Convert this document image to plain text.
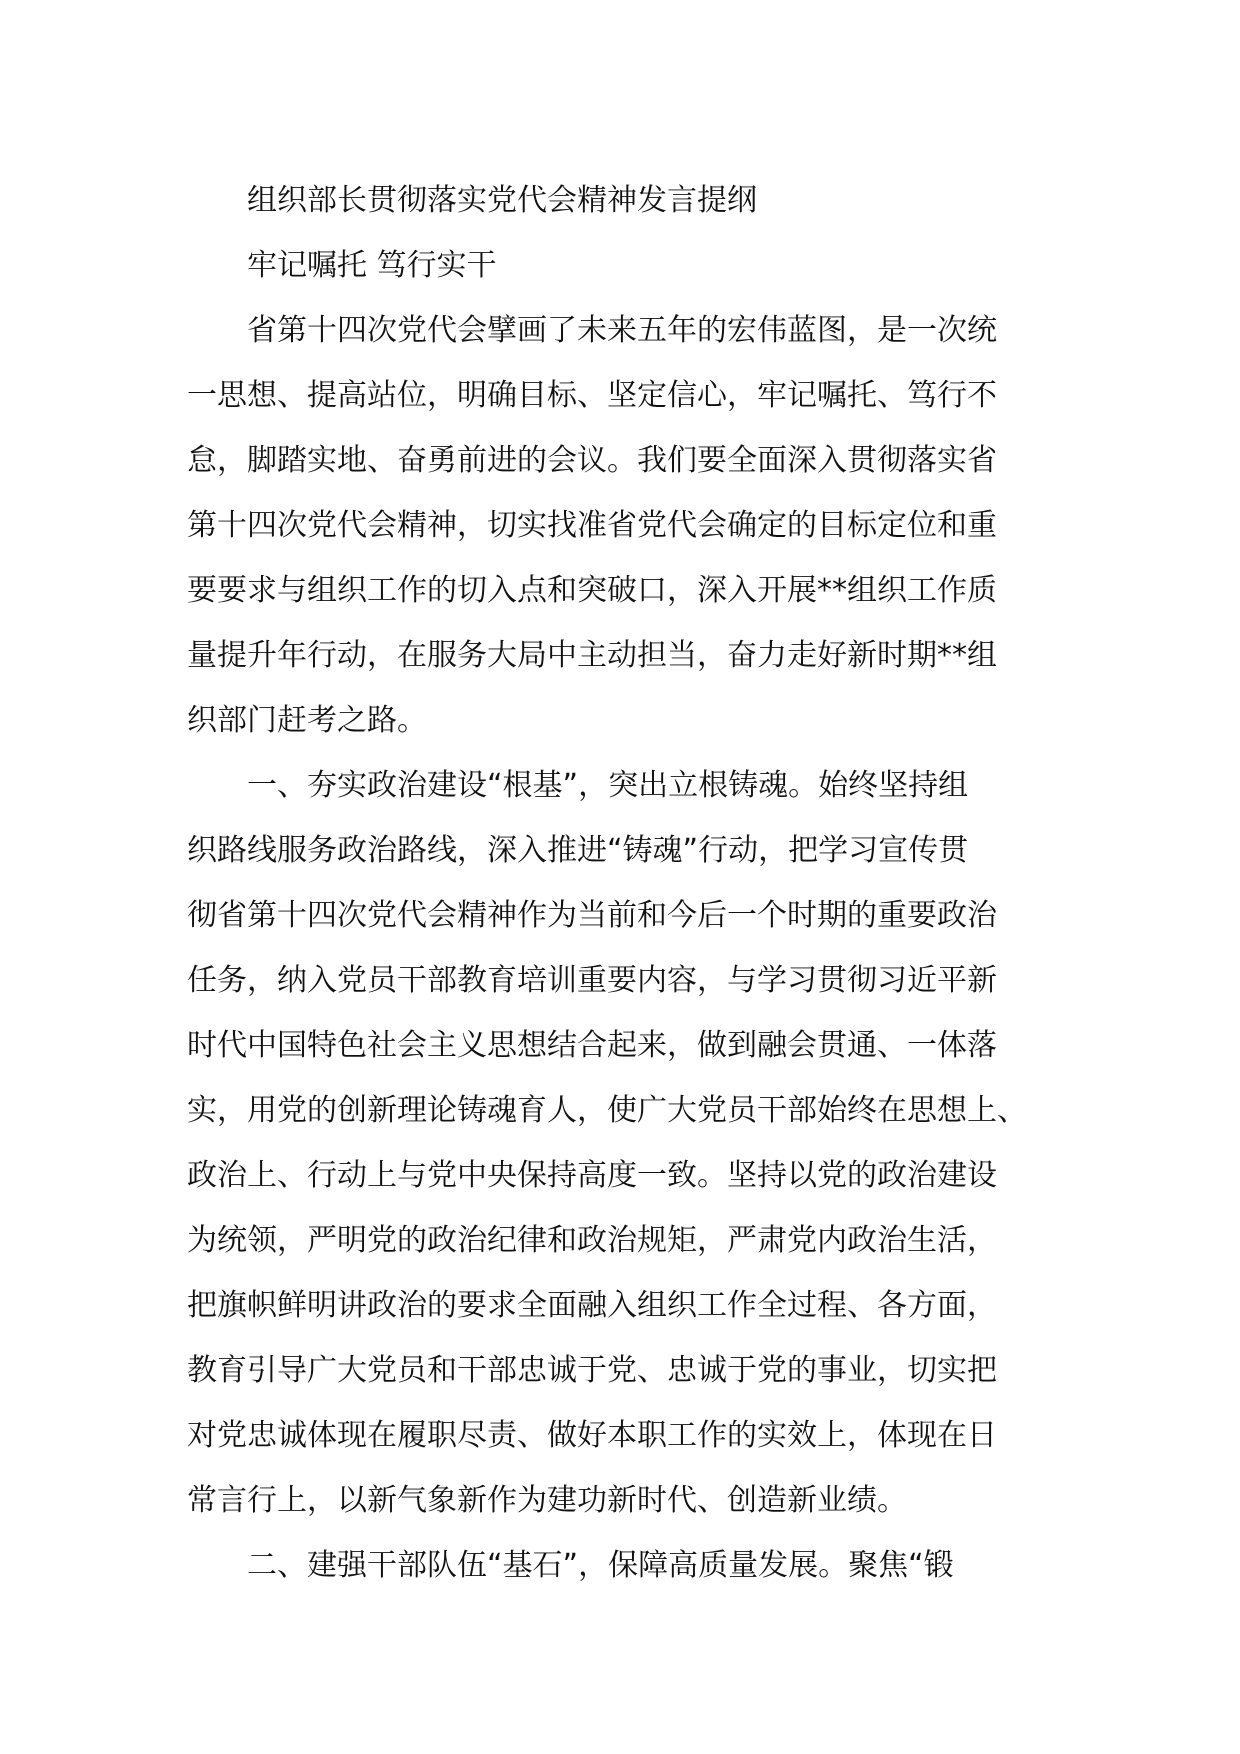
组织部长贯彻落实党代会精神发言提纲
牢记嘱托 笃行实干
省第十四次党代会擘画了未来五年的宏伟蓝图，是一次统
一思想、提高站位，明确目标、坚定信心，牢记嘱托、笃行不
怠，脚踏实地、奋勇前进的会议。我们要全面深入贯彻落实省
第十四次党代会精神，切实找准省党代会确定的目标定位和重
要要求与组织工作的切入点和突破口，深入开展**组织工作质
量提升年行动，在服务大局中主动担当，奋力走好新时期**组
织部门赶考之路。
一、夯实政治建设“根基”，突出立根铸魂。始终坚持组
织路线服务政治路线，深入推进“铸魂”行动，把学习宣传贯
彻省第十四次党代会精神作为当前和今后一个时期的重要政治
任务，纳入党员干部教育培训重要内容，与学习贯彻习近平新
时代中国特色社会主义思想结合起来，做到融会贯通、一体落
实，用党的创新理论铸魂育人，使广大党员干部始终在思想上、
政治上、行动上与党中央保持高度一致。坚持以党的政治建设
为统领，严明党的政治纪律和政治规矩，严肃党内政治生活，
把旗帜鲜明讲政治的要求全面融入组织工作全过程、各方面，
教育引导广大党员和干部忠诚于党、忠诚于党的事业，切实把
对党忠诚体现在履职尽责、做好本职工作的实效上，体现在日
常言行上，以新气象新作为建功新时代、创造新业绩。
二、建强干部队伍“基石”，保障高质量发展。聚焦“锻
